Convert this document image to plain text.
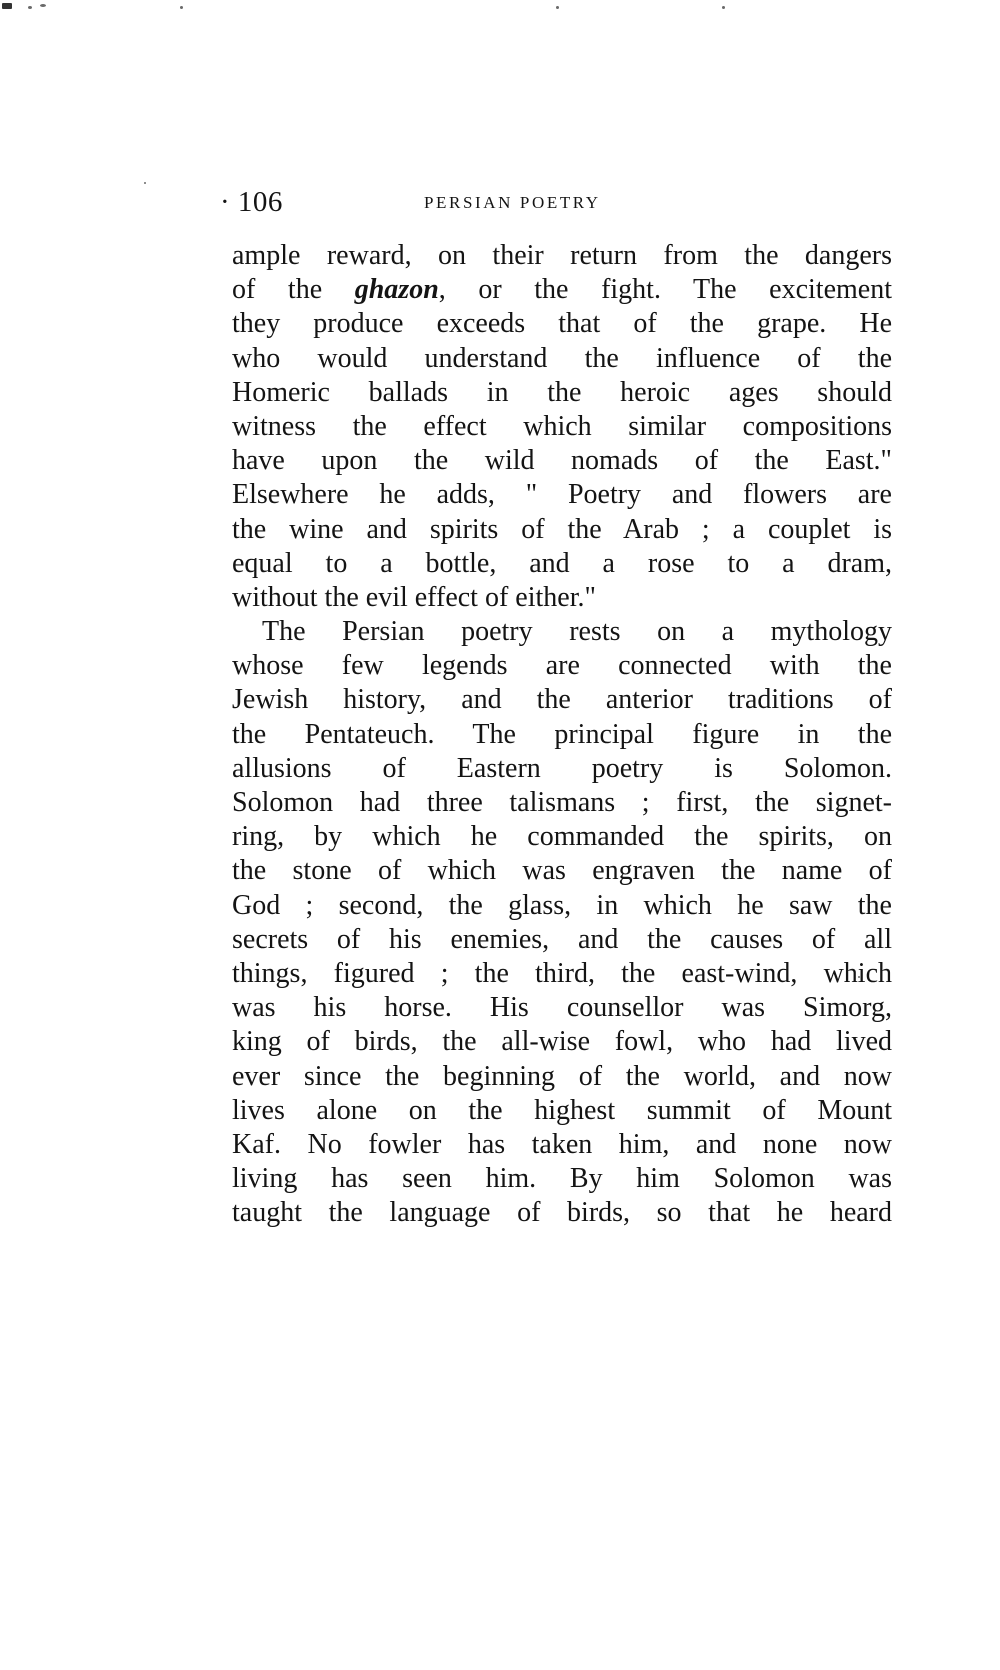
· 106	PERSIAN POETRY
ample reward, on their return from the dangers
of the ghazon, or the fight. The excitement
they produce exceeds that of the grape. He
who would understand the influence of the
Homeric ballads in the heroic ages should
witness the effect which similar compositions
have upon the wild nomads of the East."
Elsewhere he adds, " Poetry and flowers are
the wine and spirits of the Arab ; a couplet is
equal to a bottle, and a rose to a dram,
without the evil effect of either."
The Persian poetry rests on a mythology
whose few legends are connected with the
Jewish history, and the anterior traditions of
the Pentateuch. The principal figure in the
allusions of Eastern poetry is Solomon.
Solomon had three talismans ; first, the signet-
ring, by which he commanded the spirits, on
the stone of which was engraven the name of
God ; second, the glass, in which he saw the
secrets of his enemies, and the causes of all
things, figured ; the third, the east-wind, which
was his horse. His counsellor was Simorg,
king of birds, the all-wise fowl, who had lived
ever since the beginning of the world, and now
lives alone on the highest summit of Mount
Kaf. No fowler has taken him, and none now
living has seen him. By him Solomon was
taught the language of birds, so that he heard
